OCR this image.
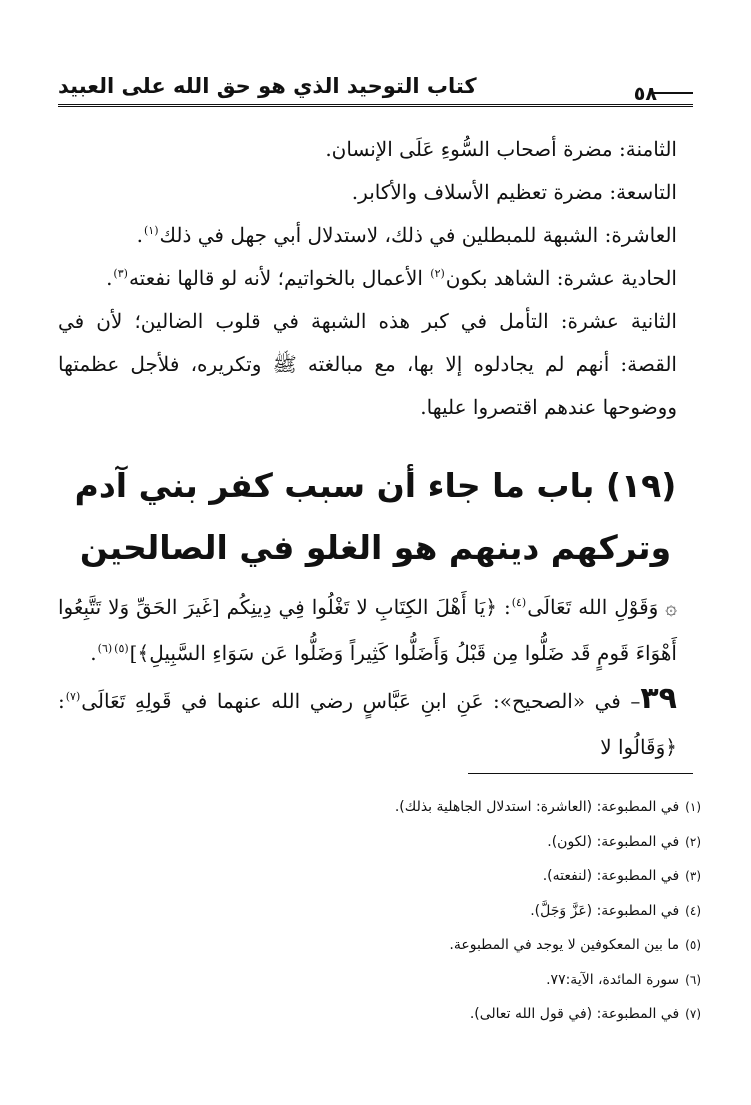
٥٨
كتاب التوحيد الذي هو حق الله على العبيد

الثامنة: مضرة أصحاب السُّوءِ عَلَى الإنسان.

التاسعة: مضرة تعظيم الأسلاف والأكابر.

العاشرة: الشبهة للمبطلين في ذلك، لاستدلال أبي جهل في ذلك$^{(١)}$.

الحادية عشرة: الشاهد بكون$^{(٢)}$ الأعمال بالخواتيم؛ لأنه لو قالها نفعته$^{(٣)}$.

الثانية عشرة: التأمل في كبر هذه الشبهة في قلوب الضالين؛ لأن في القصة: أنهم لم يجادلوه إلا بها، مع مبالغته ﷺ وتكريره، فلأجل عظمتها ووضوحها عندهم اقتصروا عليها.

(١٩) باب ما جاء أن سبب كفر بني آدم
وتركهم دينهم هو الغلو في الصالحين

۞ وَقَوْلِ الله تَعَالَى$^{(٤)}$: ﴿يَا أَهْلَ الكِتَابِ لا تَغْلُوا فِي دِينِكُم [غَيرَ الحَقِّ وَلا تَتَّبِعُوا أَهْوَاءَ قَومٍ قَد ضَلُّوا مِن قَبْلُ وَأَضَلُّوا كَثِيراً وَضَلُّوا عَن سَوَاءِ السَّبِيلِ﴾]$^{(٥)(٦)}$.

٣٩– في «الصحيح»: عَنِ ابنِ عَبَّاسٍ رضي الله عنهما في قَولِهِ تَعَالَى$^{(٧)}$: ﴿وَقَالُوا لا

(١)في المطبوعة: (العاشرة: استدلال الجاهلية بذلك).
(٢)في المطبوعة: (لكون).
(٣)في المطبوعة: (لنفعته).
(٤)في المطبوعة: (عَزَّ وَجَلَّ).
(٥)ما بين المعكوفين لا يوجد في المطبوعة.
(٦)سورة المائدة، الآية:٧٧.
(٧)في المطبوعة: (في قول الله تعالى).
